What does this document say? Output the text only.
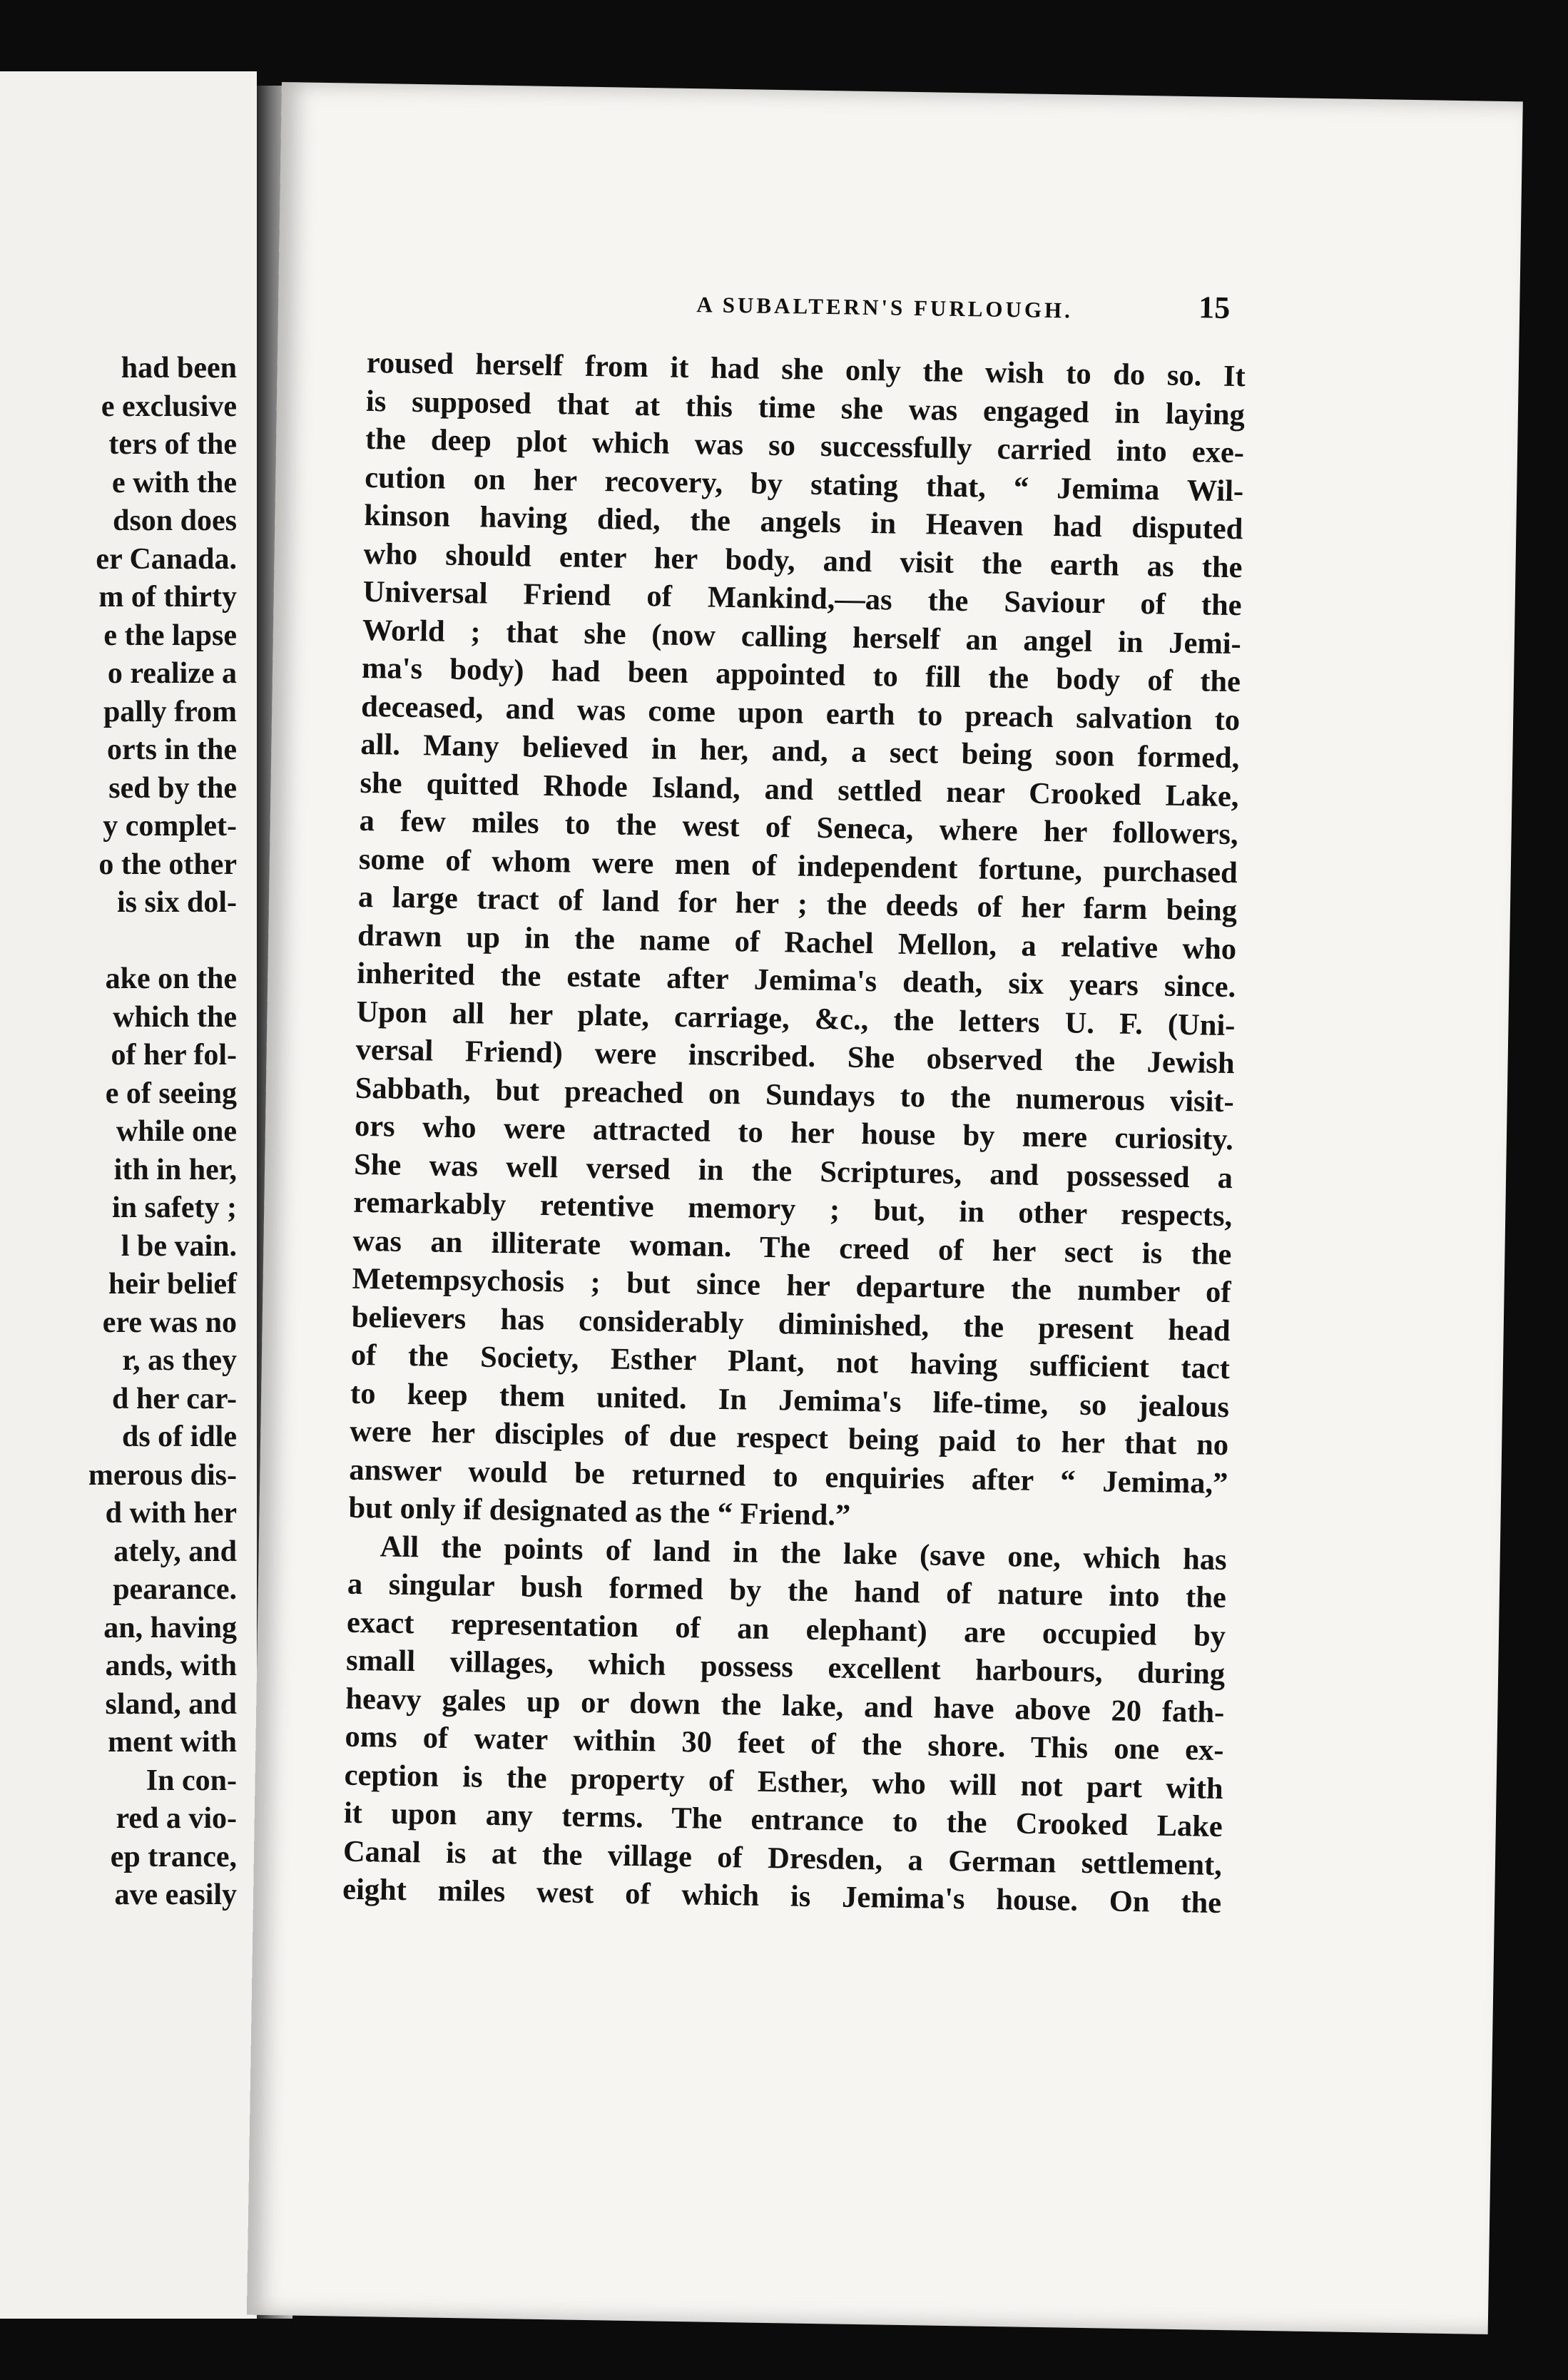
had been
e exclusive
ters of the
e with the
dson does
er Canada.
m of thirty
e the lapse
o realize a
pally from
orts in the
sed by the
y complet-
o the other
is six dol-
ake on the
which the
of her fol-
e of seeing
while one
ith in her,
in safety ;
l be vain.
heir belief
ere was no
r, as they
d her car-
ds of idle
merous dis-
d with her
ately, and
pearance.
an, having
ands, with
sland, and
ment with
In con-
red a vio-
ep trance,
ave easily
A SUBALTERN'S FURLOUGH.	15
roused herself from it had she only the wish to do so. It
is supposed that at this time she was engaged in laying
the deep plot which was so successfully carried into exe-
cution on her recovery, by stating that, “ Jemima Wil-
kinson having died, the angels in Heaven had disputed
who should enter her body, and visit the earth as the
Universal Friend of Mankind,—as the Saviour of the
World ; that she (now calling herself an angel in Jemi-
ma's body) had been appointed to fill the body of the
deceased, and was come upon earth to preach salvation to
all. Many believed in her, and, a sect being soon formed,
she quitted Rhode Island, and settled near Crooked Lake,
a few miles to the west of Seneca, where her followers,
some of whom were men of independent fortune, purchased
a large tract of land for her ; the deeds of her farm being
drawn up in the name of Rachel Mellon, a relative who
inherited the estate after Jemima's death, six years since.
Upon all her plate, carriage, &c., the letters U. F. (Uni-
versal Friend) were inscribed. She observed the Jewish
Sabbath, but preached on Sundays to the numerous visit-
ors who were attracted to her house by mere curiosity.
She was well versed in the Scriptures, and possessed a
remarkably retentive memory ; but, in other respects,
was an illiterate woman. The creed of her sect is the
Metempsychosis ; but since her departure the number of
believers has considerably diminished, the present head
of the Society, Esther Plant, not having sufficient tact
to keep them united. In Jemima's life-time, so jealous
were her disciples of due respect being paid to her that no
answer would be returned to enquiries after “ Jemima,”
but only if designated as the “ Friend.”
All the points of land in the lake (save one, which has
a singular bush formed by the hand of nature into the
exact representation of an elephant) are occupied by
small villages, which possess excellent harbours, during
heavy gales up or down the lake, and have above 20 fath-
oms of water within 30 feet of the shore. This one ex-
ception is the property of Esther, who will not part with
it upon any terms. The entrance to the Crooked Lake
Canal is at the village of Dresden, a German settlement,
eight miles west of which is Jemima's house. On the
